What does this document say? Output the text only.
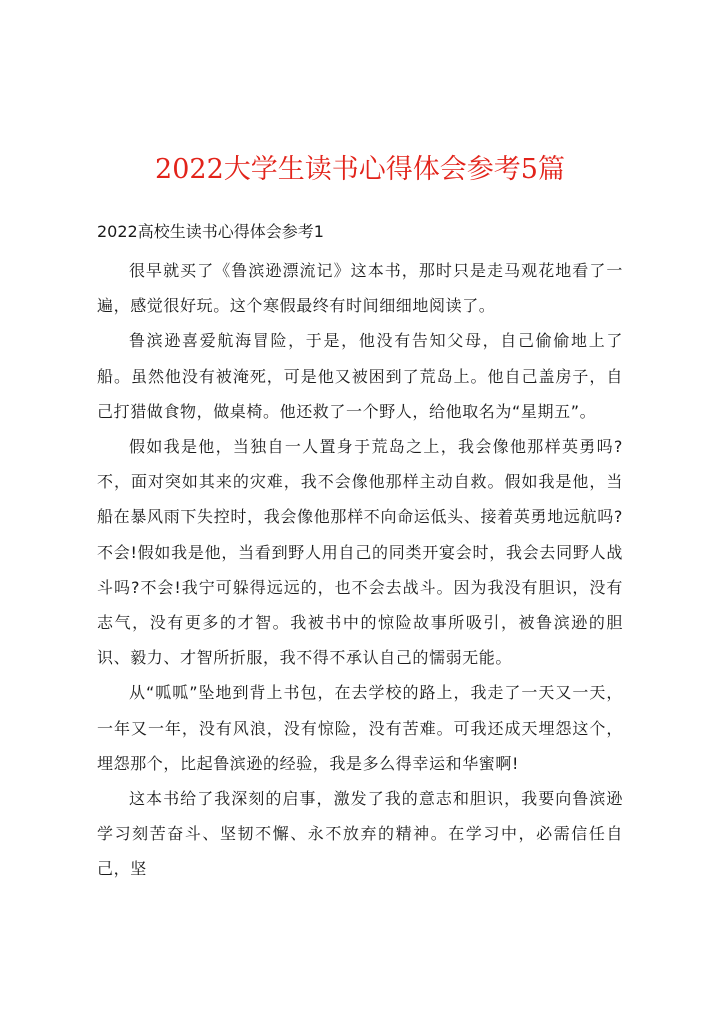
2022大学生读书心得体会参考5篇
2022高校生读书心得体会参考1

很早就买了《鲁滨逊漂流记》这本书，那时只是走马观花地看了一遍，感觉很好玩。这个寒假最终有时间细细地阅读了。

鲁滨逊喜爱航海冒险，于是，他没有告知父母，自己偷偷地上了船。虽然他没有被淹死，可是他又被困到了荒岛上。他自己盖房子，自己打猎做食物，做桌椅。他还救了一个野人，给他取名为“星期五”。

假如我是他，当独自一人置身于荒岛之上，我会像他那样英勇吗?不，面对突如其来的灾难，我不会像他那样主动自救。假如我是他，当船在暴风雨下失控时，我会像他那样不向命运低头、接着英勇地远航吗?不会!假如我是他，当看到野人用自己的同类开宴会时，我会去同野人战斗吗?不会!我宁可躲得远远的，也不会去战斗。因为我没有胆识，没有志气，没有更多的才智。我被书中的惊险故事所吸引，被鲁滨逊的胆识、毅力、才智所折服，我不得不承认自己的懦弱无能。

从“呱呱”坠地到背上书包，在去学校的路上，我走了一天又一天，一年又一年，没有风浪，没有惊险，没有苦难。可我还成天埋怨这个，埋怨那个，比起鲁滨逊的经验，我是多么得幸运和华蜜啊!

这本书给了我深刻的启事，激发了我的意志和胆识，我要向鲁滨逊学习刻苦奋斗、坚韧不懈、永不放弃的精神。在学习中，必需信任自己，坚
